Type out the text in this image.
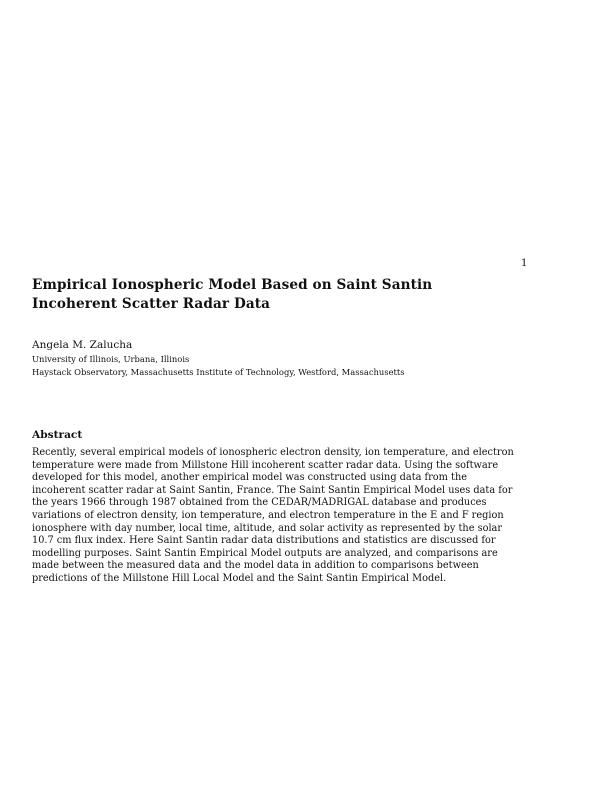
1
Empirical Ionospheric Model Based on Saint Santin Incoherent Scatter Radar Data
Angela M. Zalucha
University of Illinois, Urbana, Illinois
Haystack Observatory, Massachusetts Institute of Technology, Westford, Massachusetts
Abstract
Recently, several empirical models of ionospheric electron density, ion temperature, and electron
temperature were made from Millstone Hill incoherent scatter radar data. Using the software
developed for this model, another empirical model was constructed using data from the
incoherent scatter radar at Saint Santin, France. The Saint Santin Empirical Model uses data for
the years 1966 through 1987 obtained from the CEDAR/MADRIGAL database and produces
variations of electron density, ion temperature, and electron temperature in the E and F region
ionosphere with day number, local time, altitude, and solar activity as represented by the solar
10.7 cm flux index. Here Saint Santin radar data distributions and statistics are discussed for
modelling purposes. Saint Santin Empirical Model outputs are analyzed, and comparisons are
made between the measured data and the model data in addition to comparisons between
predictions of the Millstone Hill Local Model and the Saint Santin Empirical Model.
